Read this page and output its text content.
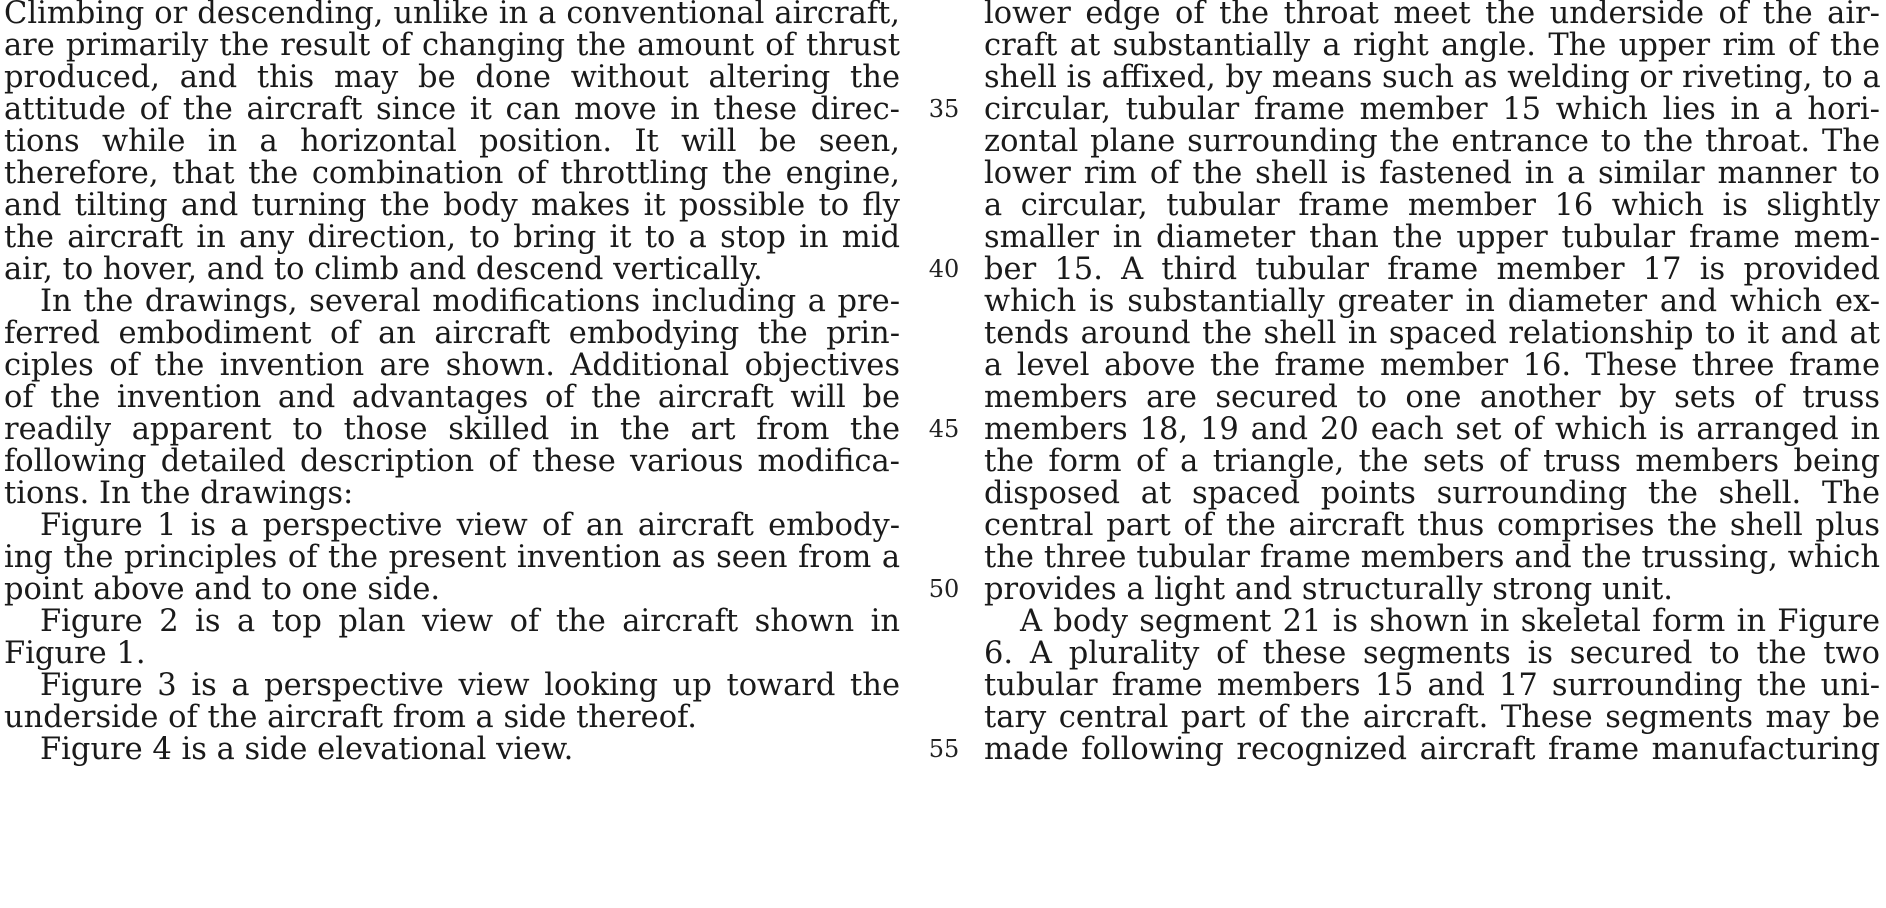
Climbing or descending, unlike in a conventional aircraft,
are primarily the result of changing the amount of thrust
produced, and this may be done without altering the
attitude of the aircraft since it can move in these direc-
tions while in a horizontal position. It will be seen,
therefore, that the combination of throttling the engine,
and tilting and turning the body makes it possible to fly
the aircraft in any direction, to bring it to a stop in mid
air, to hover, and to climb and descend vertically.
In the drawings, several modifications including a pre-
ferred embodiment of an aircraft embodying the prin-
ciples of the invention are shown. Additional objectives
of the invention and advantages of the aircraft will be
readily apparent to those skilled in the art from the
following detailed description of these various modifica-
tions. In the drawings:
Figure 1 is a perspective view of an aircraft embody-
ing the principles of the present invention as seen from a
point above and to one side.
Figure 2 is a top plan view of the aircraft shown in
Figure 1.
Figure 3 is a perspective view looking up toward the
underside of the aircraft from a side thereof.
Figure 4 is a side elevational view.
35
40
45
50
55
lower edge of the throat meet the underside of the air-
craft at substantially a right angle. The upper rim of the
shell is affixed, by means such as welding or riveting, to a
circular, tubular frame member 15 which lies in a hori-
zontal plane surrounding the entrance to the throat. The
lower rim of the shell is fastened in a similar manner to
a circular, tubular frame member 16 which is slightly
smaller in diameter than the upper tubular frame mem-
ber 15. A third tubular frame member 17 is provided
which is substantially greater in diameter and which ex-
tends around the shell in spaced relationship to it and at
a level above the frame member 16. These three frame
members are secured to one another by sets of truss
members 18, 19 and 20 each set of which is arranged in
the form of a triangle, the sets of truss members being
disposed at spaced points surrounding the shell. The
central part of the aircraft thus comprises the shell plus
the three tubular frame members and the trussing, which
provides a light and structurally strong unit.
A body segment 21 is shown in skeletal form in Figure
6. A plurality of these segments is secured to the two
tubular frame members 15 and 17 surrounding the uni-
tary central part of the aircraft. These segments may be
made following recognized aircraft frame manufacturing
